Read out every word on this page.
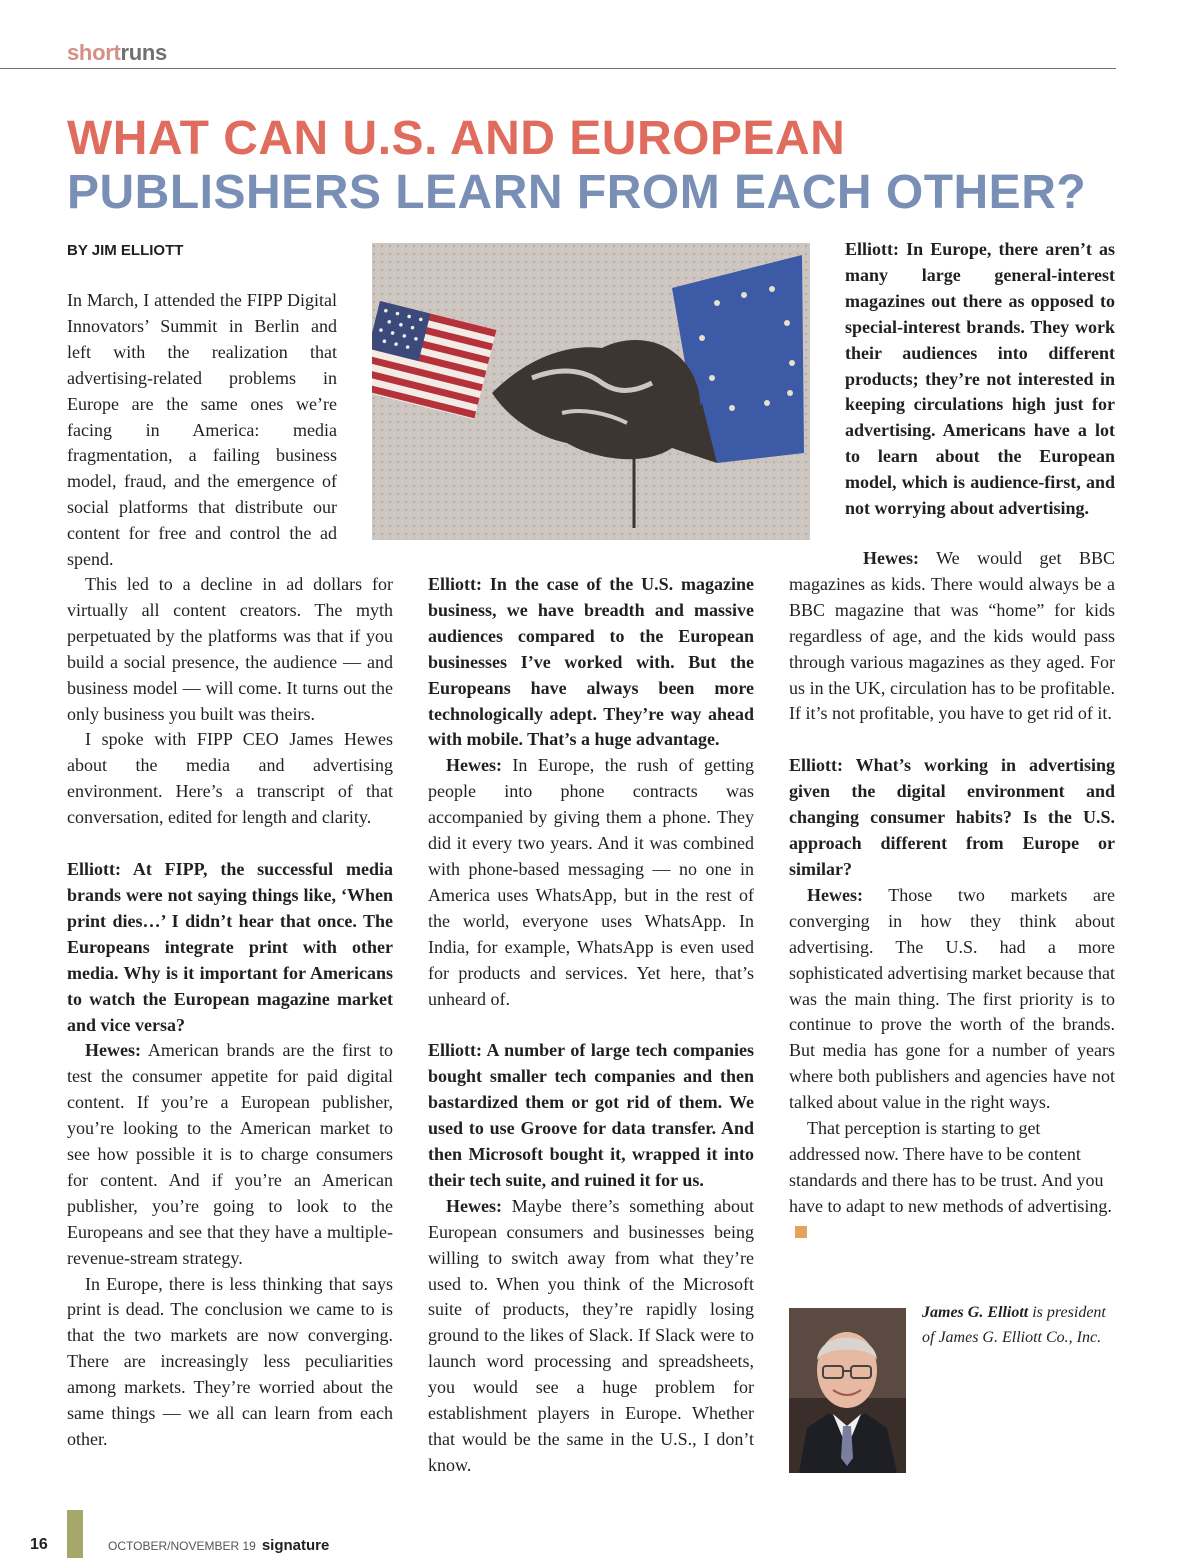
shortruns
WHAT CAN U.S. AND EUROPEAN
PUBLISHERS LEARN FROM EACH OTHER?
BY JIM ELLIOTT

In March, I attended the FIPP Digital Innovators’ Summit in Berlin and left with the realization that advertising-related problems in Europe are the same ones we’re facing in America: media fragmentation, a failing business model, fraud, and the emergence of social platforms that distribute our content for free and control the ad spend.

This led to a decline in ad dollars for virtually all content creators. The myth perpetuated by the platforms was that if you build a social presence, the audience — and business model — will come. It turns out the only business you built was theirs.

I spoke with FIPP CEO James Hewes about the media and advertising environment. Here’s a transcript of that conversation, edited for length and clarity.

Elliott: At FIPP, the successful media brands were not saying things like, ‘When print dies…’ I didn’t hear that once. The Europeans integrate print with other media. Why is it important for Americans to watch the European magazine market and vice versa?

Hewes: American brands are the first to test the consumer appetite for paid digital content. If you’re a European publisher, you’re looking to the American market to see how possible it is to charge consumers for content. And if you’re an American publisher, you’re going to look to the Europeans and see that they have a multiple-revenue-stream strategy.

In Europe, there is less thinking that says print is dead. The conclusion we came to is that the two markets are now converging. There are increasingly less peculiarities among markets. They’re worried about the same things — we all can learn from each other.

Elliott: In the case of the U.S. magazine business, we have breadth and massive audiences compared to the European businesses I’ve worked with. But the Europeans have always been more technologically adept. They’re way ahead with mobile. That’s a huge advantage.

Hewes: In Europe, the rush of getting people into phone contracts was accompanied by giving them a phone. They did it every two years. And it was combined with phone-based messaging — no one in America uses WhatsApp, but in the rest of the world, everyone uses WhatsApp. In India, for example, WhatsApp is even used for products and services. Yet here, that’s unheard of.

Elliott: A number of large tech companies bought smaller tech companies and then bastardized them or got rid of them. We used to use Groove for data transfer. And then Microsoft bought it, wrapped it into their tech suite, and ruined it for us.

Hewes: Maybe there’s something about European consumers and businesses being willing to switch away from what they’re used to. When you think of the Microsoft suite of products, they’re rapidly losing ground to the likes of Slack. If Slack were to launch word processing and spreadsheets, you would see a huge problem for establishment players in Europe. Whether that would be the same in the U.S., I don’t know.

Elliott: In Europe, there aren’t as many large general-interest magazines out there as opposed to special-interest brands. They work their audiences into different products; they’re not interested in keeping circulations high just for advertising. Americans have a lot to learn about the European model, which is audience-first, and not worrying about advertising.

Hewes: We would get BBC magazines as kids. There would always be a BBC magazine that was “home” for kids regardless of age, and the kids would pass through various magazines as they aged. For us in the UK, circulation has to be profitable. If it’s not profitable, you have to get rid of it.

Elliott: What’s working in advertising given the digital environment and changing consumer habits? Is the U.S. approach different from Europe or similar?

Hewes: Those two markets are converging in how they think about advertising. The U.S. had a more sophisticated advertising market because that was the main thing. The first priority is to continue to prove the worth of the brands. But media has gone for a number of years where both publishers and agencies have not talked about value in the right ways.

That perception is starting to get addressed now. There have to be content standards and there has to be trust. And you have to adapt to new methods of advertising.

James G. Elliott is president of James G. Elliott Co., Inc.
16	OCTOBER/NOVEMBER 19 signature
